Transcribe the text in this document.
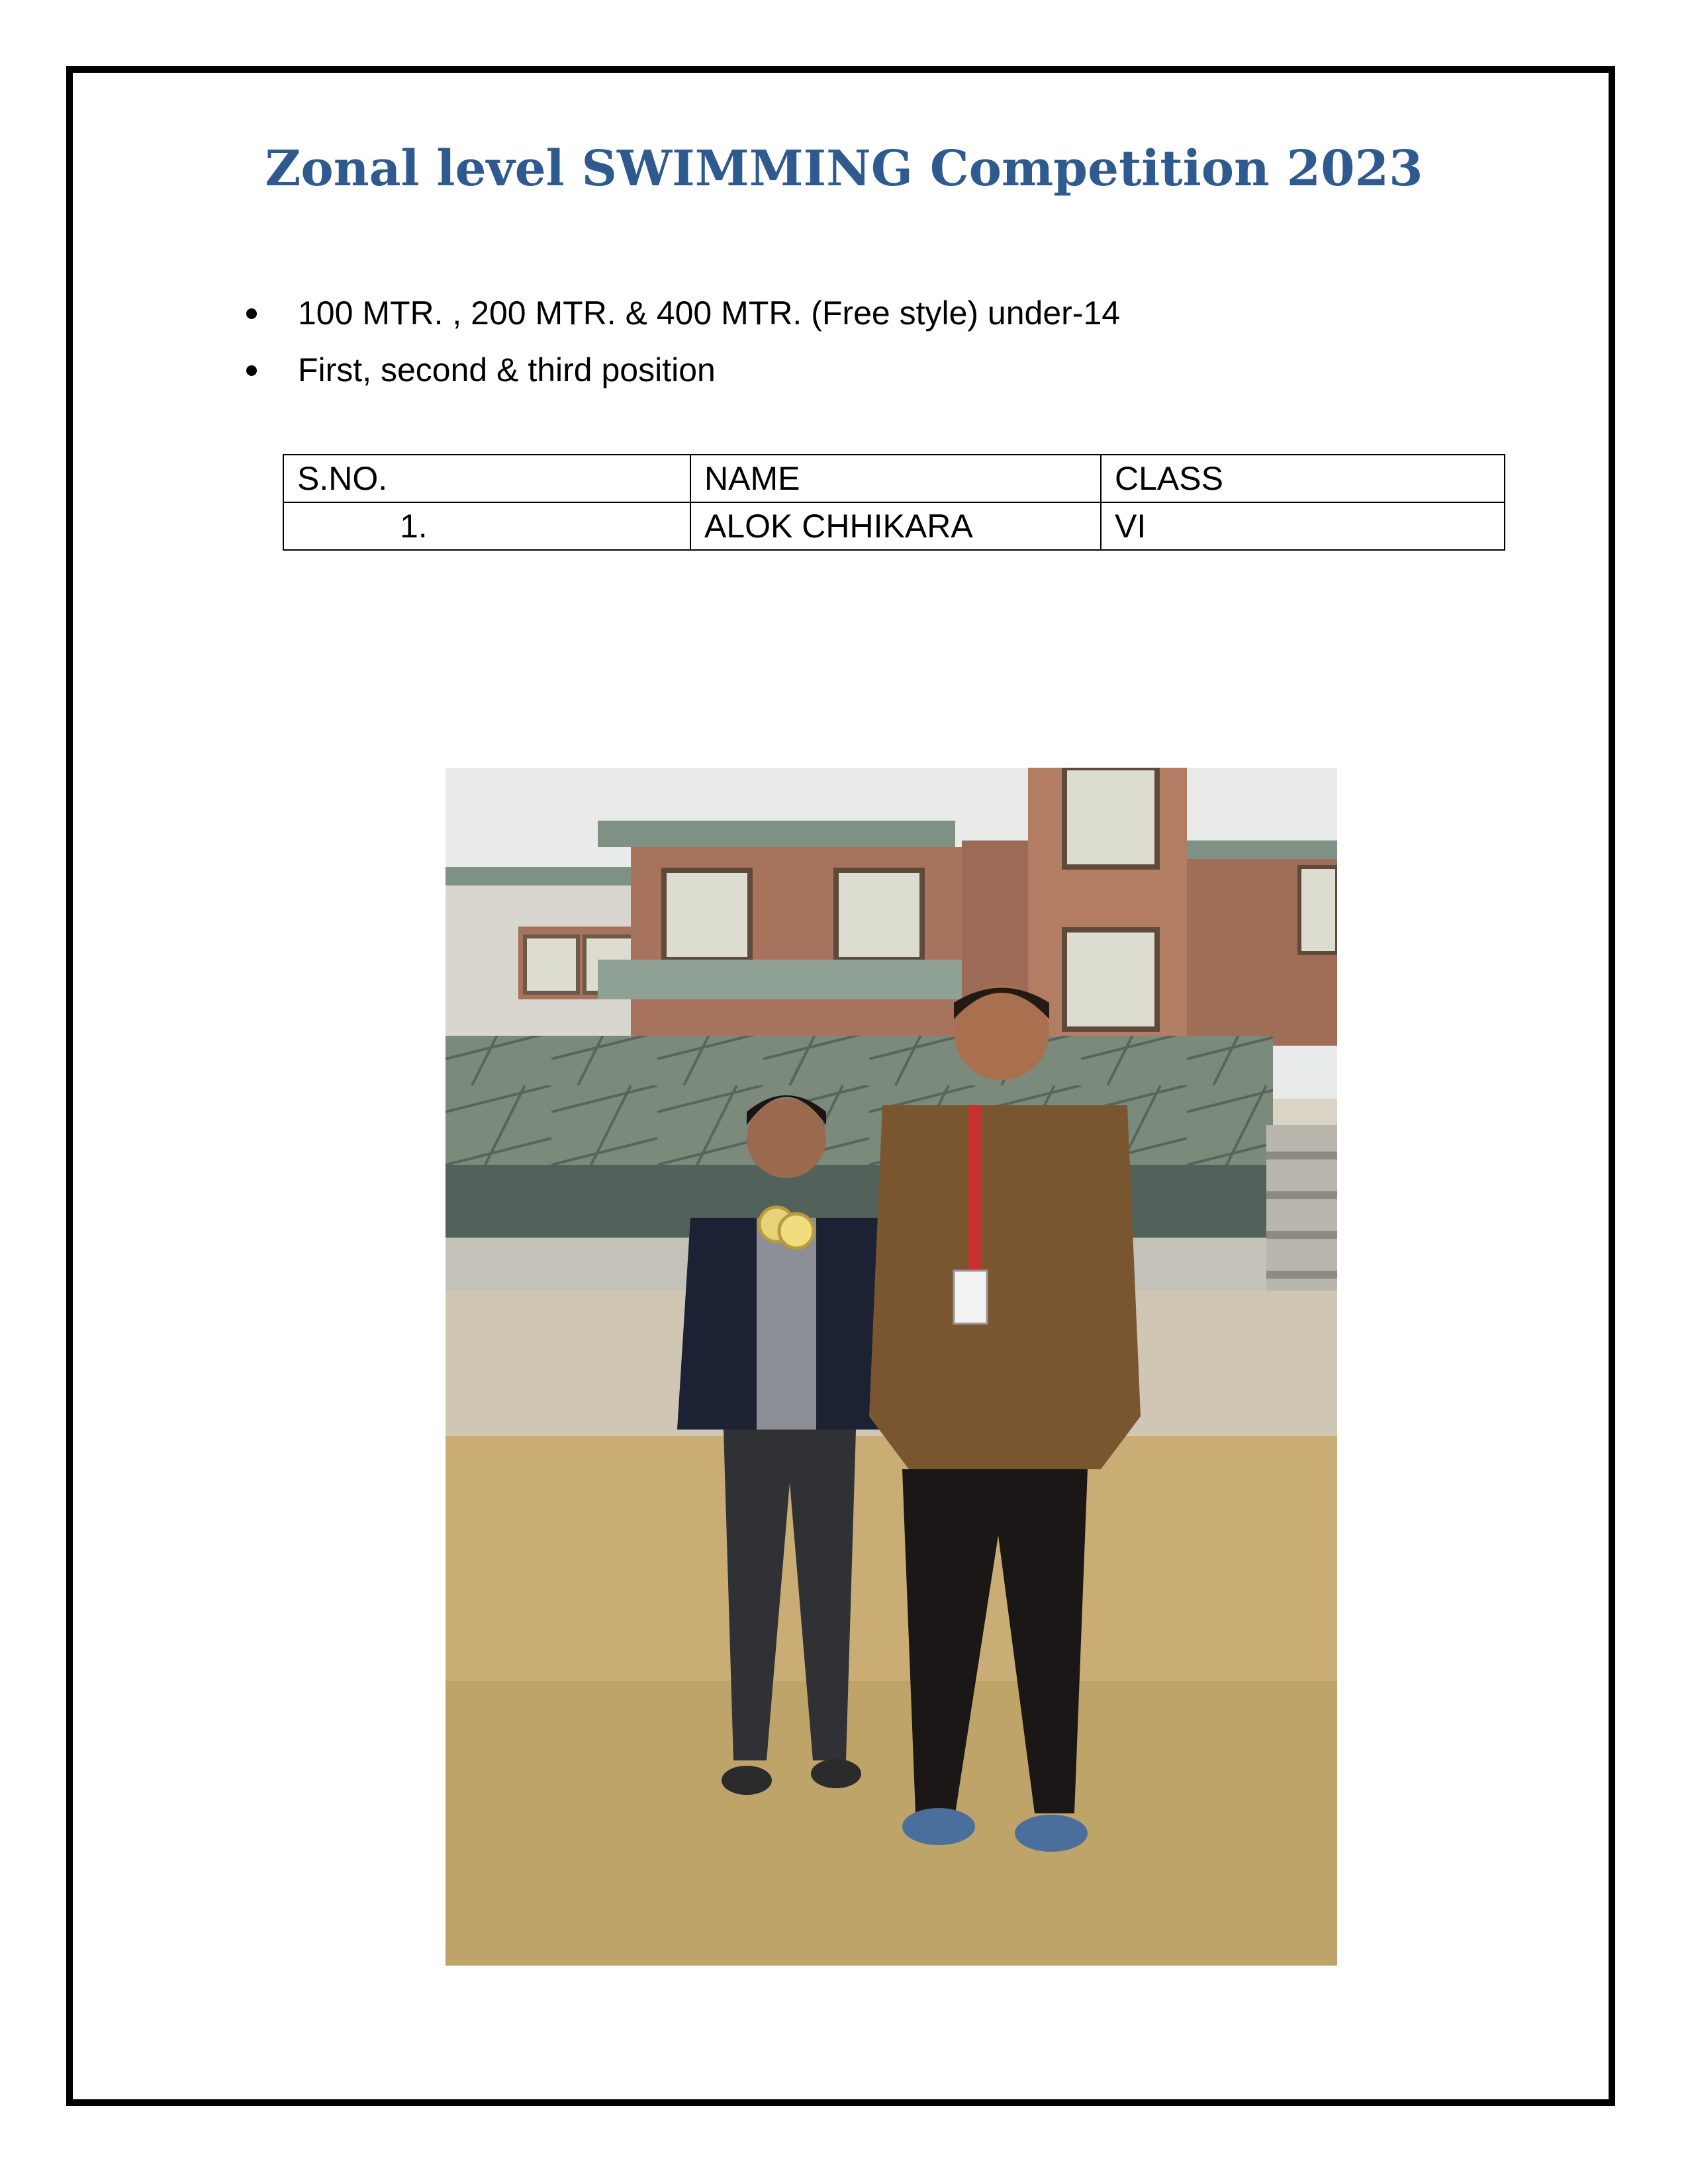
Zonal level SWIMMING Competition 2023
100 MTR. , 200 MTR. & 400 MTR. (Free style) under-14
First, second & third position
S.NO.	NAME	CLASS
1.	ALOK CHHIKARA	VI
